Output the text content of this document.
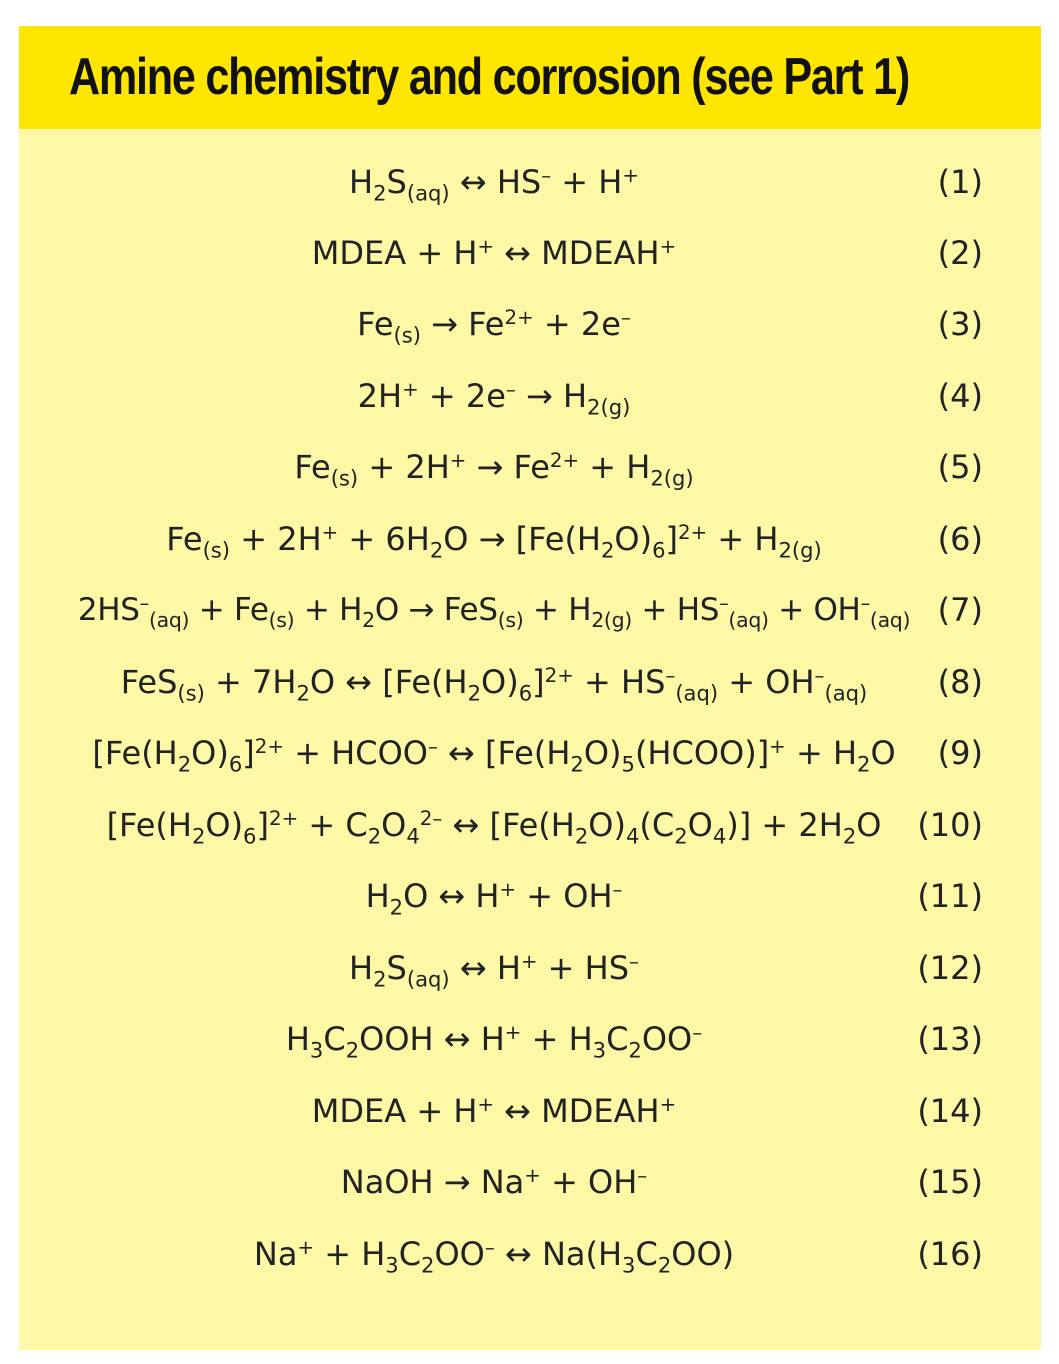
Amine chemistry and corrosion (see Part 1)
$H_2S_{(aq)}$ ↔ HS– + H+	(1)
MDEA + H+ ↔ MDEAH+	(2)
$Fe_{(s)} \to Fe^{2+} + 2e^-$	(3)
$2H^+ + 2e^- \to H_{2(g)}$	(4)
$Fe_{(s)} + 2H^+ \to Fe^{2+} + H_{2(g)}$	(5)
$Fe_{(s)} + 2H^+ + 6H_2O \to [Fe(H_2O)_6]^{2+} + H_{2(g)}$	(6)
$2HS^-_{(aq)} + Fe_{(s)} + H_2O \to FeS_{(s)} + H_{2(g)} + HS^-_{(aq)} + OH^-_{(aq)}$ (7)
$FeS_{(s)} + 7H_2O$ ↔ $[Fe(H_2O)_6]^{2+} + HS^-_{(aq)} + OH^-_{(aq)}$	(8)
$[Fe(H_2O)_6]^{2+}$ + HCOO– ↔ $[Fe(H_2O)_5(HCOO)]^+ + H_2O$	(9)
$[Fe(H_2O)_6]^{2+} + C_2O_4^{2-}$ ↔ $[Fe(H_2O)_4(C_2O_4)] + 2H_2O$	(10)
$H_2O$ ↔ H+ + OH–	(11)
$H_2S_{(aq)}$ ↔ H+ + HS–	(12)
$H_3C_2OOH$ ↔ $H^+ + H_3C_2OO^-$	(13)
MDEA + H+ ↔ MDEAH+	(14)
NaOH → Na+ + OH–	(15)
$Na^+ + H_3C_2OO^-$ ↔ $Na(H_3C_2OO)$	(16)
